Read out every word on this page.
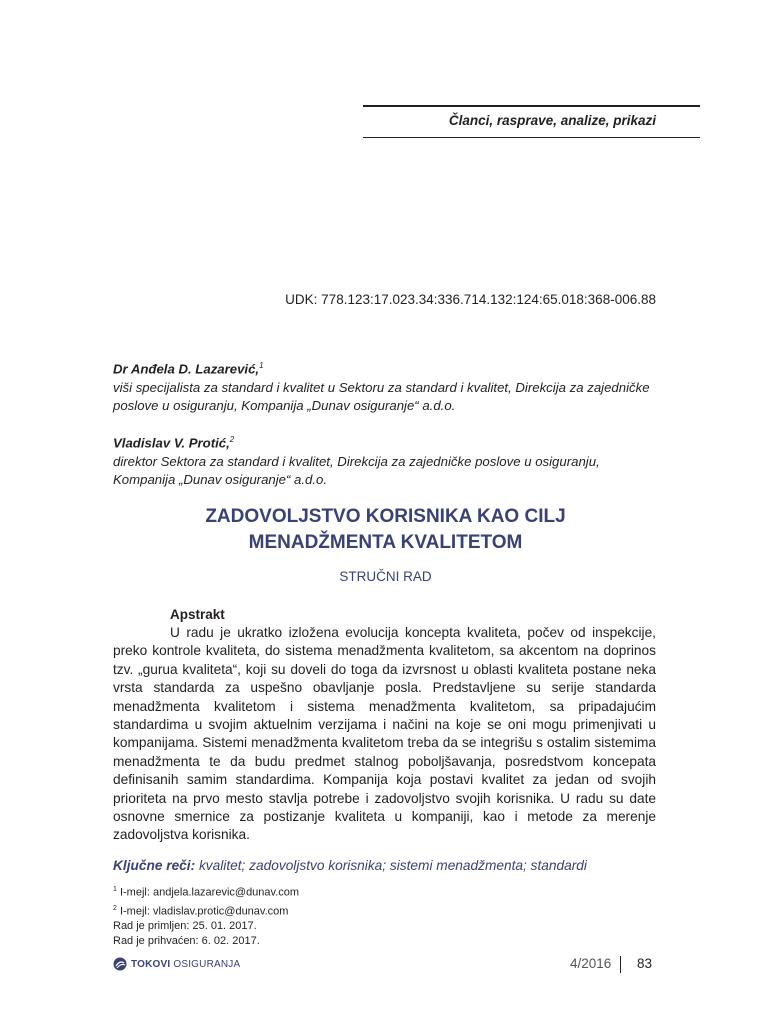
Članci, rasprave, analize, prikazi
UDK: 778.123:17.023.34:336.714.132:124:65.018:368-006.88
Dr Anđela D. Lazarević,$^1$
viši specijalista za standard i kvalitet u Sektoru za standard i kvalitet, Direkcija za zajedničke poslove u osiguranju, Kompanija „Dunav osiguranje“ a.d.o.
Vladislav V. Protić,$^2$
direktor Sektora za standard i kvalitet, Direkcija za zajedničke poslove u osiguranju, Kompanija „Dunav osiguranje“ a.d.o.
ZADOVOLJSTVO KORISNIKA KAO CILJ
MENADŽMENTA KVALITETOM
STRUČNI RAD
Apstrakt

U radu je ukratko izložena evolucija koncepta kvaliteta, počev od inspekcije, preko kontrole kvaliteta, do sistema menadžmenta kvalitetom, sa akcentom na doprinos tzv. „gurua kvaliteta“, koji su doveli do toga da izvrsnost u oblasti kvaliteta postane neka vrsta standarda za uspešno obavljanje posla. Predstavljene su serije standarda menadžmenta kvalitetom i sistema menadžmenta kvalitetom, sa pripadajućim standardima u svojim aktuelnim verzijama i načini na koje se oni mogu primenjivati u kompanijama. Sistemi menadžmenta kvalitetom treba da se integrišu s ostalim sistemima menadžmenta te da budu predmet stalnog poboljšavanja, posredstvom koncepata definisanih samim standardima. Kompanija koja postavi kvalitet za jedan od svojih prioriteta na prvo mesto stavlja potrebe i zadovoljstvo svojih korisnika. U radu su date osnovne smernice za postizanje kvaliteta u kompaniji, kao i metode za merenje zadovoljstva korisnika.

Ključne reči: kvalitet; zadovoljstvo korisnika; sistemi menadžmenta; standardi
$^1$ I-mejl: andjela.lazarevic@dunav.com
$^2$ I-mejl: vladislav.protic@dunav.com
Rad je primljen: 25. 01. 2017.
Rad je prihvaćen: 6. 02. 2017.
TOKOVI OSIGURANJA	4/2016 83
